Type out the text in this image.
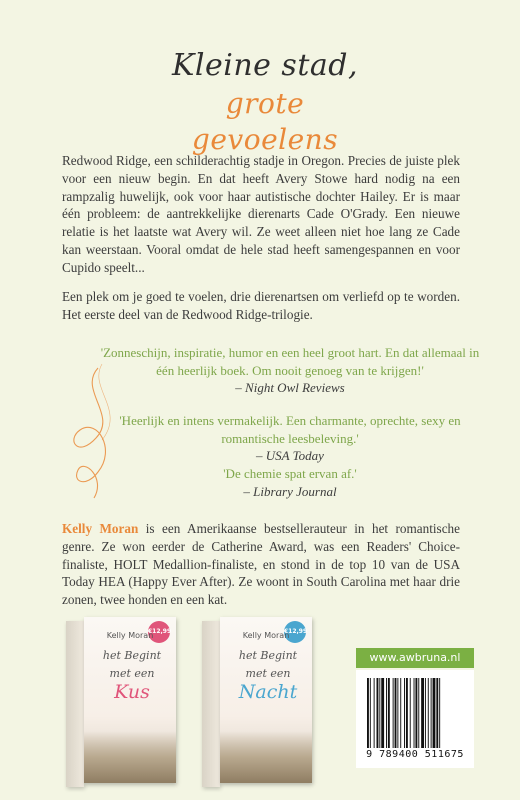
Kleine stad,
grote gevoelens
Redwood Ridge, een schilderachtig stadje in Oregon. Precies de juiste plek voor een nieuw begin. En dat heeft Avery Stowe hard nodig na een rampzalig huwelijk, ook voor haar autistische dochter Hailey. Er is maar één probleem: de aantrekkelijke dierenarts Cade O'Grady. Een nieuwe relatie is het laatste wat Avery wil. Ze weet alleen niet hoe lang ze Cade kan weerstaan. Vooral omdat de hele stad heeft samengespannen en voor Cupido speelt...
Een plek om je goed te voelen, drie dierenartsen om verliefd op te worden. Het eerste deel van de Redwood Ridge-trilogie.
'Zonneschijn, inspiratie, humor en een heel groot hart. En dat allemaal in één heerlijk boek. Om nooit genoeg van te krijgen!'
– Night Owl Reviews
'Heerlijk en intens vermakelijk. Een charmante, oprechte, sexy en romantische leesbeleving.'
– USA Today
'De chemie spat ervan af.'
– Library Journal
Kelly Moran is een Amerikaanse bestsellerauteur in het romantische genre. Ze won eerder de Catherine Award, was een Readers' Choice-finaliste, HOLT Medallion-finaliste, en stond in de top 10 van de USA Today HEA (Happy Ever After). Ze woont in South Carolina met haar drie zonen, twee honden en een kat.
€12,99
Kelly Moran
het Begint met een
Kus
€12,99
Kelly Moran
het Begint met een
Nacht
www.awbruna.nl
9 789400 511675
